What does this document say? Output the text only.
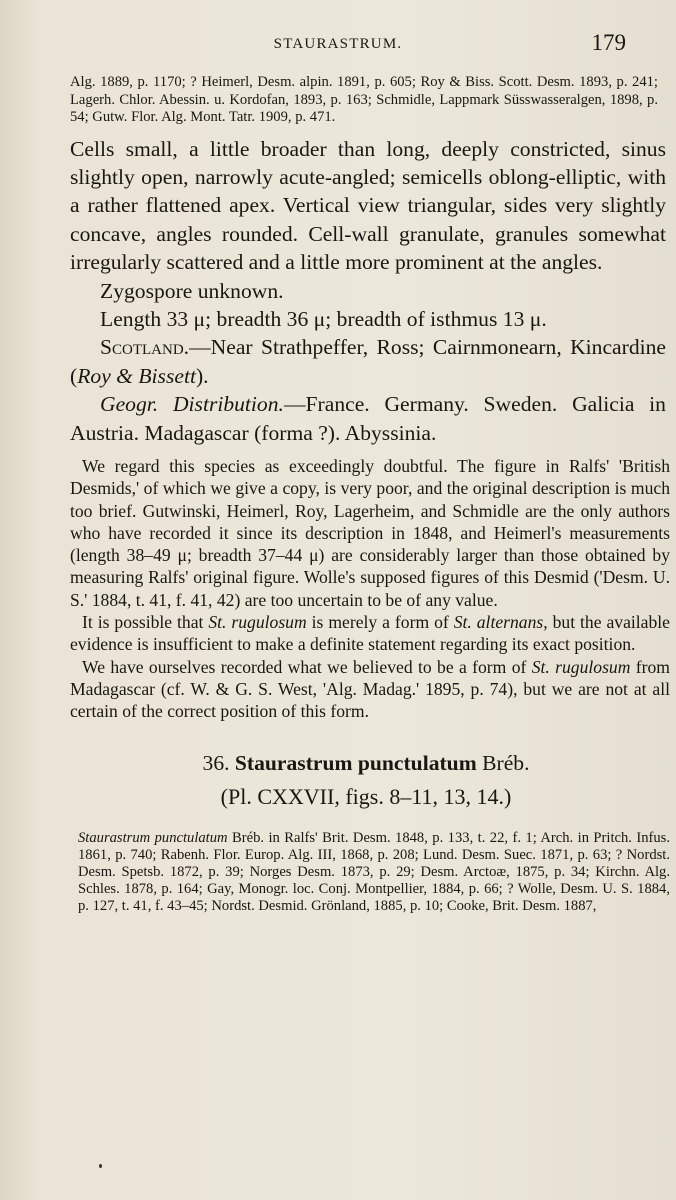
STAURASTRUM.	179
Alg. 1889, p. 1170; ? Heimerl, Desm. alpin. 1891, p. 605; Roy & Biss. Scott. Desm. 1893, p. 241; Lagerh. Chlor. Abessin. u. Kordofan, 1893, p. 163; Schmidle, Lappmark Süsswasseralgen, 1898, p. 54; Gutw. Flor. Alg. Mont. Tatr. 1909, p. 471.

Cells small, a little broader than long, deeply constricted, sinus slightly open, narrowly acute-angled; semicells oblong-elliptic, with a rather flattened apex. Vertical view triangular, sides very slightly concave, angles rounded. Cell-wall granulate, granules somewhat irregularly scattered and a little more prominent at the angles.

Zygospore unknown.

Length 33 μ; breadth 36 μ; breadth of isthmus 13 μ.

Scotland.—Near Strathpeffer, Ross; Cairnmonearn, Kincardine (Roy & Bissett).

Geogr. Distribution.—France. Germany. Sweden. Galicia in Austria. Madagascar (forma ?). Abyssinia.

We regard this species as exceedingly doubtful. The figure in Ralfs' 'British Desmids,' of which we give a copy, is very poor, and the original description is much too brief. Gutwinski, Heimerl, Roy, Lagerheim, and Schmidle are the only authors who have recorded it since its description in 1848, and Heimerl's measurements (length 38–49 μ; breadth 37–44 μ) are considerably larger than those obtained by measuring Ralfs' original figure. Wolle's supposed figures of this Desmid ('Desm. U. S.' 1884, t. 41, f. 41, 42) are too uncertain to be of any value.

It is possible that St. rugulosum is merely a form of St. alternans, but the available evidence is insufficient to make a definite statement regarding its exact position.

We have ourselves recorded what we believed to be a form of St. rugulosum from Madagascar (cf. W. & G. S. West, 'Alg. Madag.' 1895, p. 74), but we are not at all certain of the correct position of this form.

36. Staurastrum punctulatum Bréb.
(Pl. CXXVII, figs. 8–11, 13, 14.)
Staurastrum punctulatum Bréb. in Ralfs' Brit. Desm. 1848, p. 133, t. 22, f. 1; Arch. in Pritch. Infus. 1861, p. 740; Rabenh. Flor. Europ. Alg. III, 1868, p. 208; Lund. Desm. Suec. 1871, p. 63; ? Nordst. Desm. Spetsb. 1872, p. 39; Norges Desm. 1873, p. 29; Desm. Arctoæ, 1875, p. 34; Kirchn. Alg. Schles. 1878, p. 164; Gay, Monogr. loc. Conj. Montpellier, 1884, p. 66; ? Wolle, Desm. U. S. 1884, p. 127, t. 41, f. 43–45; Nordst. Desmid. Grönland, 1885, p. 10; Cooke, Brit. Desm. 1887,
